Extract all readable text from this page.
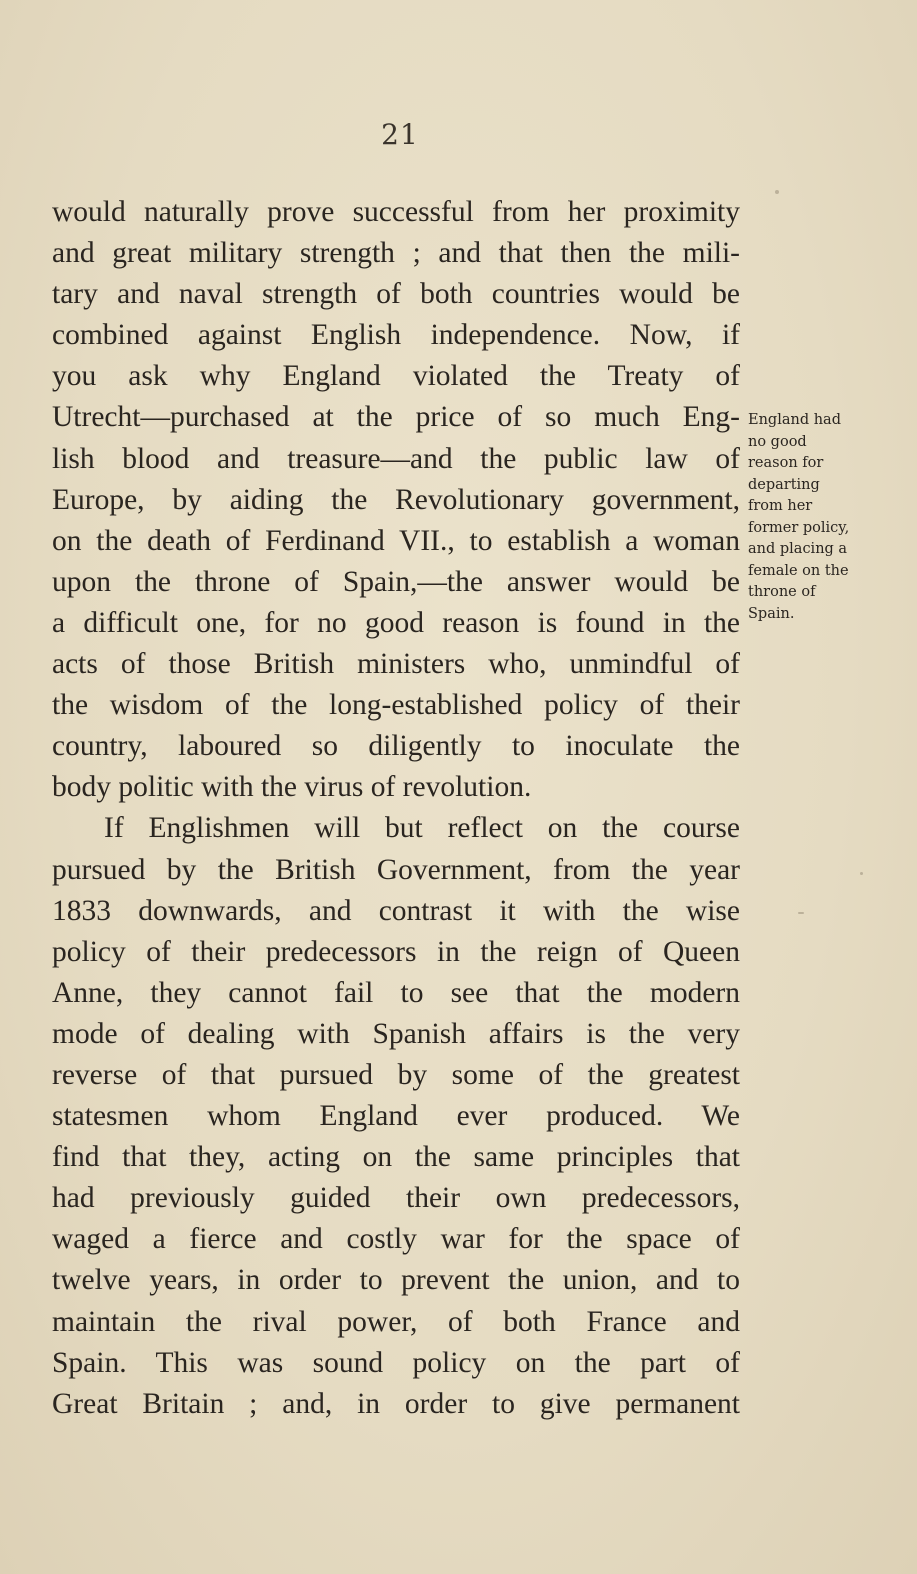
21

would naturally prove successful from her proximity
and great military strength ; and that then the mili-
tary and naval strength of both countries would be
combined against English independence. Now, if
you ask why England violated the Treaty of
Utrecht—purchased at the price of so much Eng-
lish blood and treasure—and the public law of
Europe, by aiding the Revolutionary government,
on the death of Ferdinand VII., to establish a woman
upon the throne of Spain,—the answer would be
a difficult one, for no good reason is found in the
acts of those British ministers who, unmindful of
the wisdom of the long-established policy of their
country, laboured so diligently to inoculate the
body politic with the virus of revolution.

If Englishmen will but reflect on the course
pursued by the British Government, from the year
1833 downwards, and contrast it with the wise
policy of their predecessors in the reign of Queen
Anne, they cannot fail to see that the modern
mode of dealing with Spanish affairs is the very
reverse of that pursued by some of the greatest
statesmen whom England ever produced. We
find that they, acting on the same principles that
had previously guided their own predecessors,
waged a fierce and costly war for the space of
twelve years, in order to prevent the union, and to
maintain the rival power, of both France and
Spain. This was sound policy on the part of
Great Britain ; and, in order to give permanent

England had
no good
reason for
departing
from her
former policy,
and placing a
female on the
throne of
Spain.
